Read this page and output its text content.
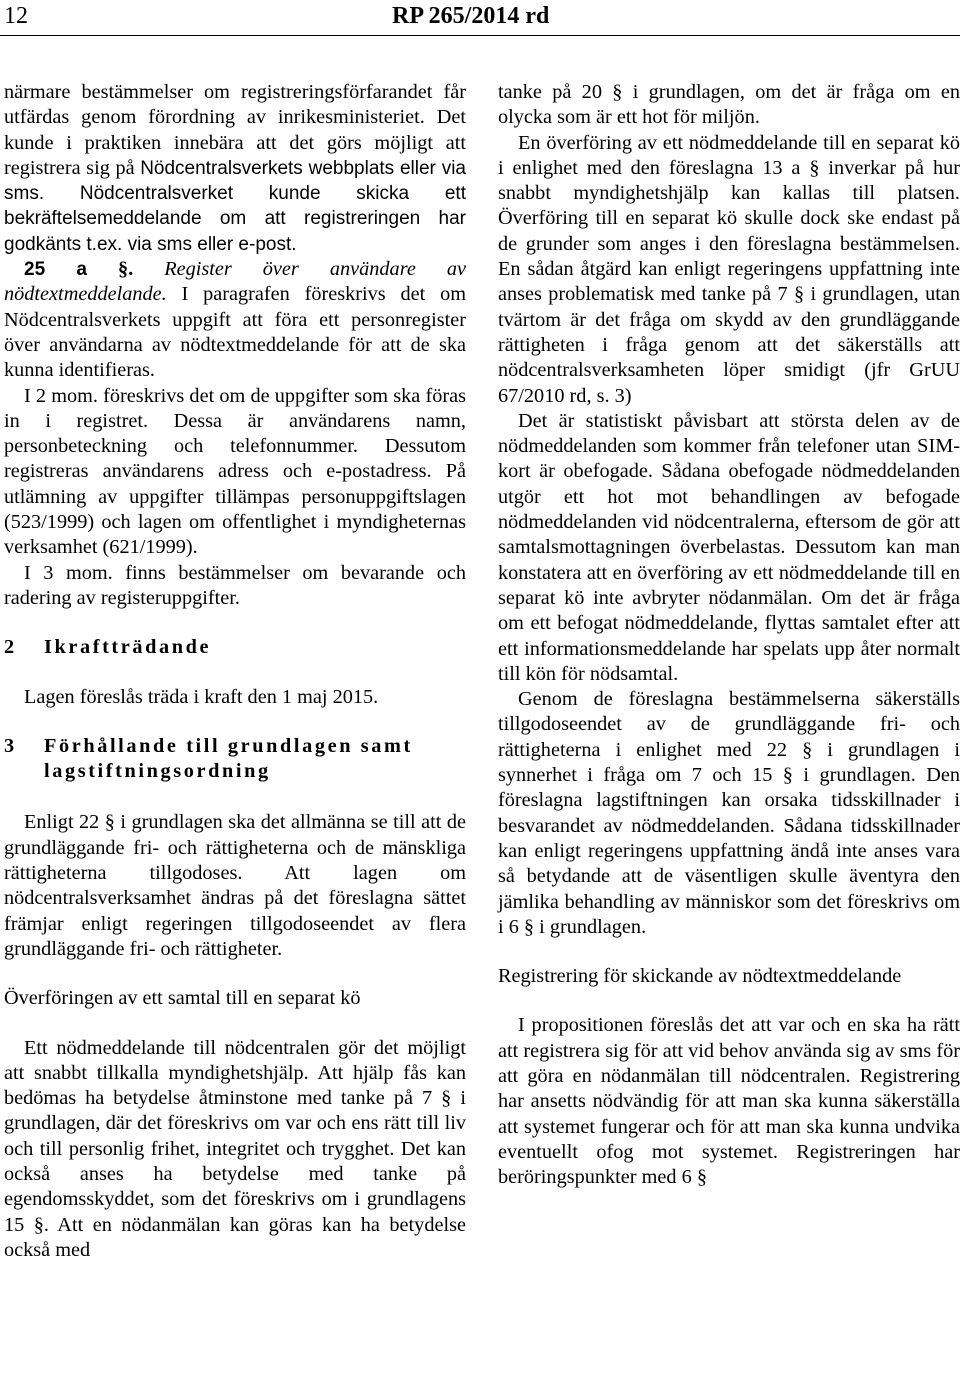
12	RP 265/2014 rd

närmare bestämmelser om registreringsförfarandet får utfärdas genom förordning av inrikesministeriet. Det kunde i praktiken innebära att det görs möjligt att registrera sig på Nödcentralsverkets webbplats eller via sms. Nödcentralsverket kunde skicka ett bekräftelsemeddelande om att registreringen har godkänts t.ex. via sms eller e-post.

25 a §. Register över användare av nödtextmeddelande. I paragrafen föreskrivs det om Nödcentralsverkets uppgift att föra ett personregister över användarna av nödtextmeddelande för att de ska kunna identifieras.

I 2 mom. föreskrivs det om de uppgifter som ska föras in i registret. Dessa är användarens namn, personbeteckning och telefonnummer. Dessutom registreras användarens adress och e-postadress. På utlämning av uppgifter tillämpas personuppgiftslagen (523/1999) och lagen om offentlighet i myndigheternas verksamhet (621/1999).

I 3 mom. finns bestämmelser om bevarande och radering av registeruppgifter.

2	Ikraftträdande

Lagen föreslås träda i kraft den 1 maj 2015.

3	Förhållande till grundlagen samt lagstiftningsordning

Enligt 22 § i grundlagen ska det allmänna se till att de grundläggande fri- och rättigheterna och de mänskliga rättigheterna tillgodoses. Att lagen om nödcentralsverksamhet ändras på det föreslagna sättet främjar enligt regeringen tillgodoseendet av flera grundläggande fri- och rättigheter.

Överföringen av ett samtal till en separat kö

Ett nödmeddelande till nödcentralen gör det möjligt att snabbt tillkalla myndighetshjälp. Att hjälp fås kan bedömas ha betydelse åtminstone med tanke på 7 § i grundlagen, där det föreskrivs om var och ens rätt till liv och till personlig frihet, integritet och trygghet. Det kan också anses ha betydelse med tanke på egendomsskyddet, som det föreskrivs om i grundlagens 15 §. Att en nödanmälan kan göras kan ha betydelse också med

tanke på 20 § i grundlagen, om det är fråga om en olycka som är ett hot för miljön.

En överföring av ett nödmeddelande till en separat kö i enlighet med den föreslagna 13 a § inverkar på hur snabbt myndighetshjälp kan kallas till platsen. Överföring till en separat kö skulle dock ske endast på de grunder som anges i den föreslagna bestämmelsen. En sådan åtgärd kan enligt regeringens uppfattning inte anses problematisk med tanke på 7 § i grundlagen, utan tvärtom är det fråga om skydd av den grundläggande rättigheten i fråga genom att det säkerställs att nödcentralsverksamheten löper smidigt (jfr GrUU 67/2010 rd, s. 3)

Det är statistiskt påvisbart att största delen av de nödmeddelanden som kommer från telefoner utan SIM-kort är obefogade. Sådana obefogade nödmeddelanden utgör ett hot mot behandlingen av befogade nödmeddelanden vid nödcentralerna, eftersom de gör att samtalsmottagningen överbelastas. Dessutom kan man konstatera att en överföring av ett nödmeddelande till en separat kö inte avbryter nödanmälan. Om det är fråga om ett befogat nödmeddelande, flyttas samtalet efter att ett informationsmeddelande har spelats upp åter normalt till kön för nödsamtal.

Genom de föreslagna bestämmelserna säkerställs tillgodoseendet av de grundläggande fri- och rättigheterna i enlighet med 22 § i grundlagen i synnerhet i fråga om 7 och 15 § i grundlagen. Den föreslagna lagstiftningen kan orsaka tidsskillnader i besvarandet av nödmeddelanden. Sådana tidsskillnader kan enligt regeringens uppfattning ändå inte anses vara så betydande att de väsentligen skulle äventyra den jämlika behandling av människor som det föreskrivs om i 6 § i grundlagen.

Registrering för skickande av nödtextmeddelande

I propositionen föreslås det att var och en ska ha rätt att registrera sig för att vid behov använda sig av sms för att göra en nödanmälan till nödcentralen. Registrering har ansetts nödvändig för att man ska kunna säkerställa att systemet fungerar och för att man ska kunna undvika eventuellt ofog mot systemet. Registreringen har beröringspunkter med 6 §
